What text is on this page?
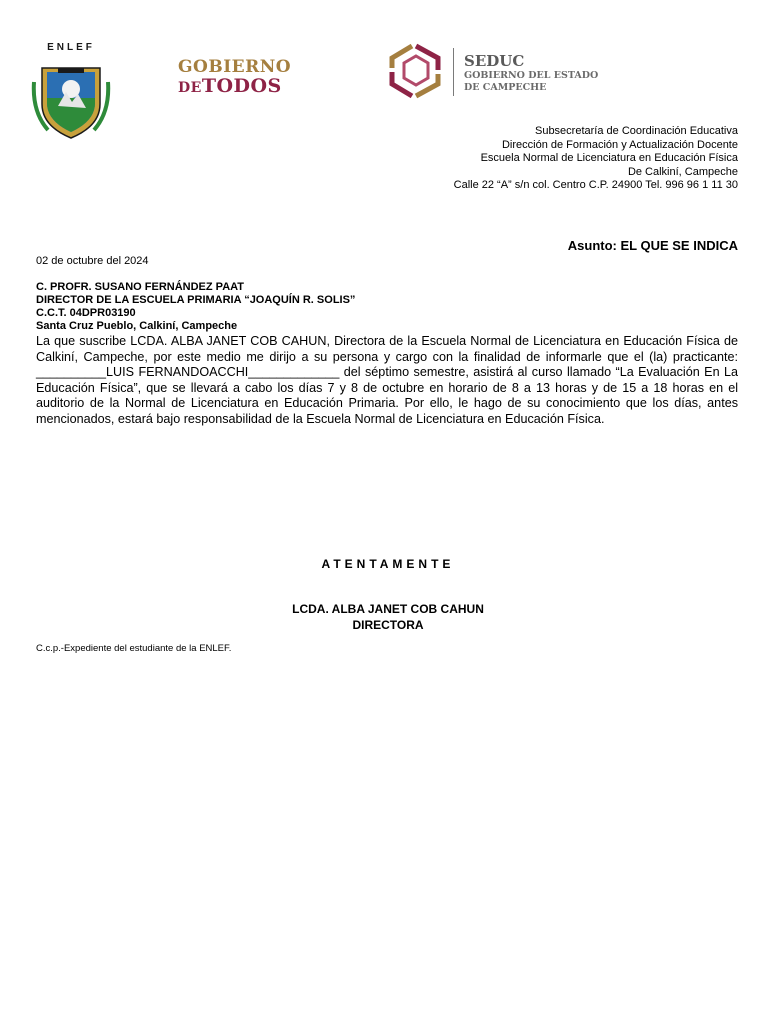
ENLEF
GOBIERNO
DETODOS
SEDUC
GOBIERNO DEL ESTADO
DE CAMPECHE
Subsecretaría de Coordinación Educativa
Dirección de Formación y Actualización Docente
Escuela Normal de Licenciatura en Educación Física
De Calkiní, Campeche
Calle 22 “A” s/n col. Centro C.P. 24900 Tel. 996 96 1 11 30
Asunto: EL QUE SE INDICA
02 de octubre del 2024
C. PROFR. SUSANO FERNÁNDEZ PAAT
DIRECTOR DE LA ESCUELA PRIMARIA “JOAQUÍN R. SOLIS”
C.C.T. 04DPR03190
Santa Cruz Pueblo, Calkiní, Campeche
La que suscribe LCDA. ALBA JANET COB CAHUN, Directora de la Escuela Normal de Licenciatura en Educación Física de Calkiní, Campeche, por este medio me dirijo a su persona y cargo con la finalidad de informarle que el (la) practicante: __________LUIS FERNANDOACCHI_____________ del séptimo semestre, asistirá al curso llamado “La Evaluación En La Educación Física”, que se llevará a cabo los días 7 y 8 de octubre en horario de 8 a 13 horas y de 15 a 18 horas en el auditorio de la Normal de Licenciatura en Educación Primaria. Por ello, le hago de su conocimiento que los días, antes mencionados, estará bajo responsabilidad de la Escuela Normal de Licenciatura en Educación Física.
ATENTAMENTE
LCDA. ALBA JANET COB CAHUN
DIRECTORA
C.c.p.-Expediente del estudiante de la ENLEF.
